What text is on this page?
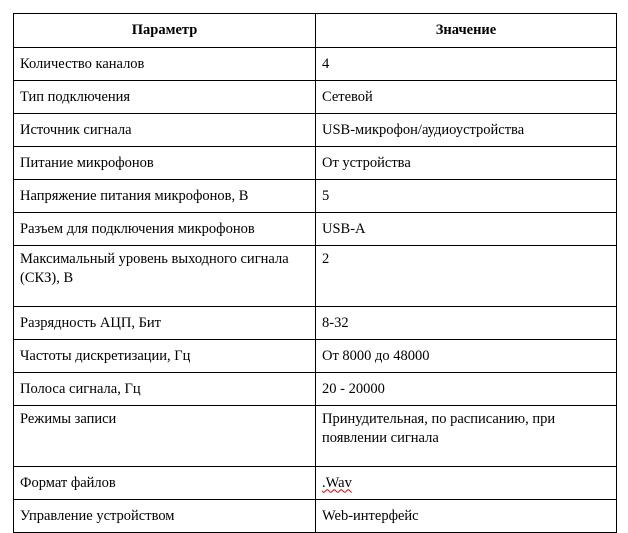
Параметр	Значение
Количество каналов	4
Тип подключения	Сетевой
Источник сигнала	USB-микрофон/аудиоустройства
Питание микрофонов	От устройства
Напряжение питания микрофонов, В	5
Разъем для подключения микрофонов	USB-A
Максимальный уровень выходного сигнала (СКЗ), В	2
Разрядность АЦП, Бит	8-32
Частоты дискретизации, Гц	От 8000 до 48000
Полоса сигнала, Гц	20 - 20000
Режимы записи	Принудительная, по расписанию, при появлении сигнала
Формат файлов	.Wav
Управление устройством	Web-интерфейс
